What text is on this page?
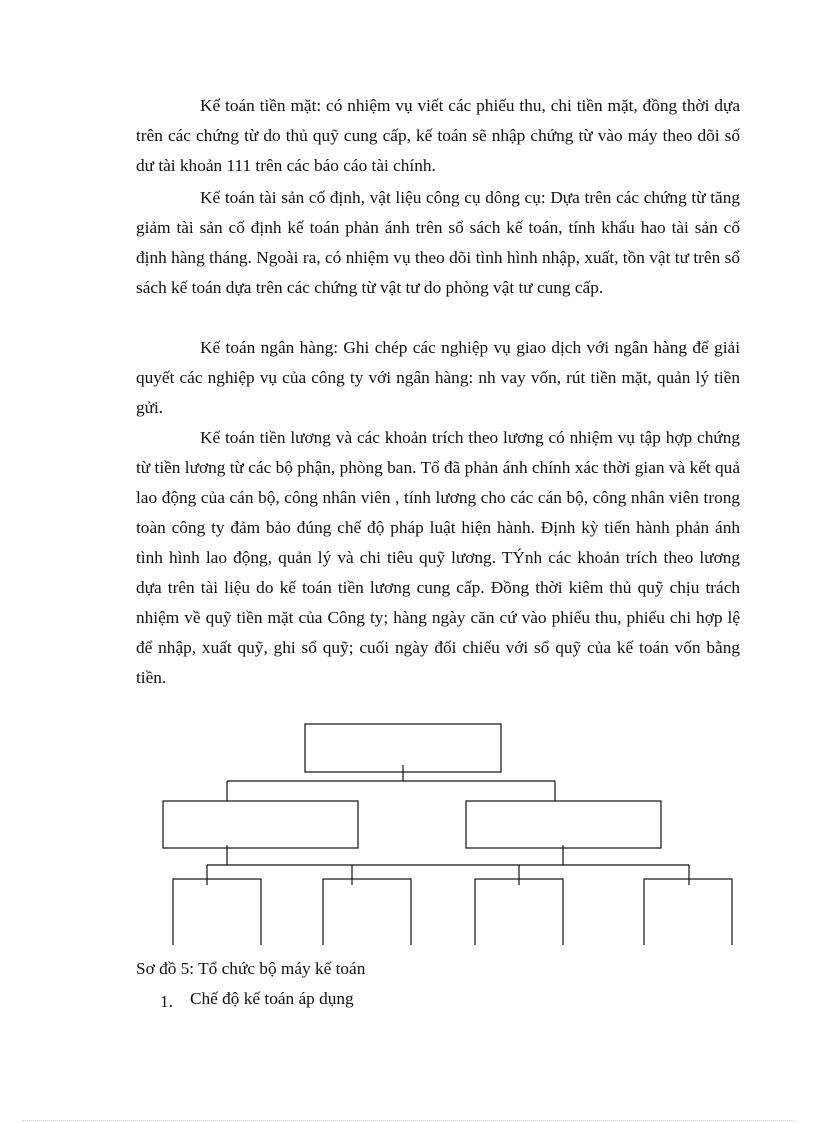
Kế toán tiền mặt: có nhiệm vụ viết các phiếu thu, chi tiền mặt, đồng thời dựa trên các chứng từ do thủ quỹ cung cấp, kế toán sẽ nhập chứng từ vào máy theo dõi số dư tài khoản 111 trên các báo cáo tài chính.

Kế toán tài sản cố định, vật liệu công cụ dông cụ: Dựa trên các chứng từ tăng giảm tài sản cố định kế toán phản ánh trên sổ sách kế toán, tính khấu hao tài sản cố định hàng tháng. Ngoài ra, có nhiệm vụ theo dõi tình hình nhập, xuất, tồn vật tư trên sổ sách kế toán dựa trên các chứng từ vật tư do phòng vật tư cung cấp.

Kế toán ngân hàng: Ghi chép các nghiệp vụ giao dịch với ngân hàng để giải quyết các nghiệp vụ của công ty với ngân hàng: nh vay vốn, rút tiền mặt, quản lý tiền gửi.

Kế toán tiền lương và các khoản trích theo lương có nhiệm vụ tập hợp chứng từ tiền lương từ các bộ phận, phòng ban. Tổ đã phản ánh chính xác thời gian và kết quả lao động của cán bộ, công nhân viên , tính lương cho các cán bộ, công nhân viên trong toàn công ty đảm bảo đúng chế độ pháp luật hiện hành. Định kỳ tiến hành phản ánh tình hình lao động, quản lý và chi tiêu quỹ lương. TÝnh các khoản trích theo lương dựa trên tài liệu do kế toán tiền lương cung cấp. Đồng thời kiêm thủ quỹ chịu trách nhiệm về quỹ tiền mặt của Công ty; hàng ngày căn cứ vào phiếu thu, phiếu chi hợp lệ để nhập, xuất quỹ, ghi sổ quỹ; cuối ngày đối chiếu với sổ quỹ của kế toán vốn bằng tiền.

Sơ đồ 5: Tổ chức bộ máy kế toán

1. Chế độ kế toán áp dụng
